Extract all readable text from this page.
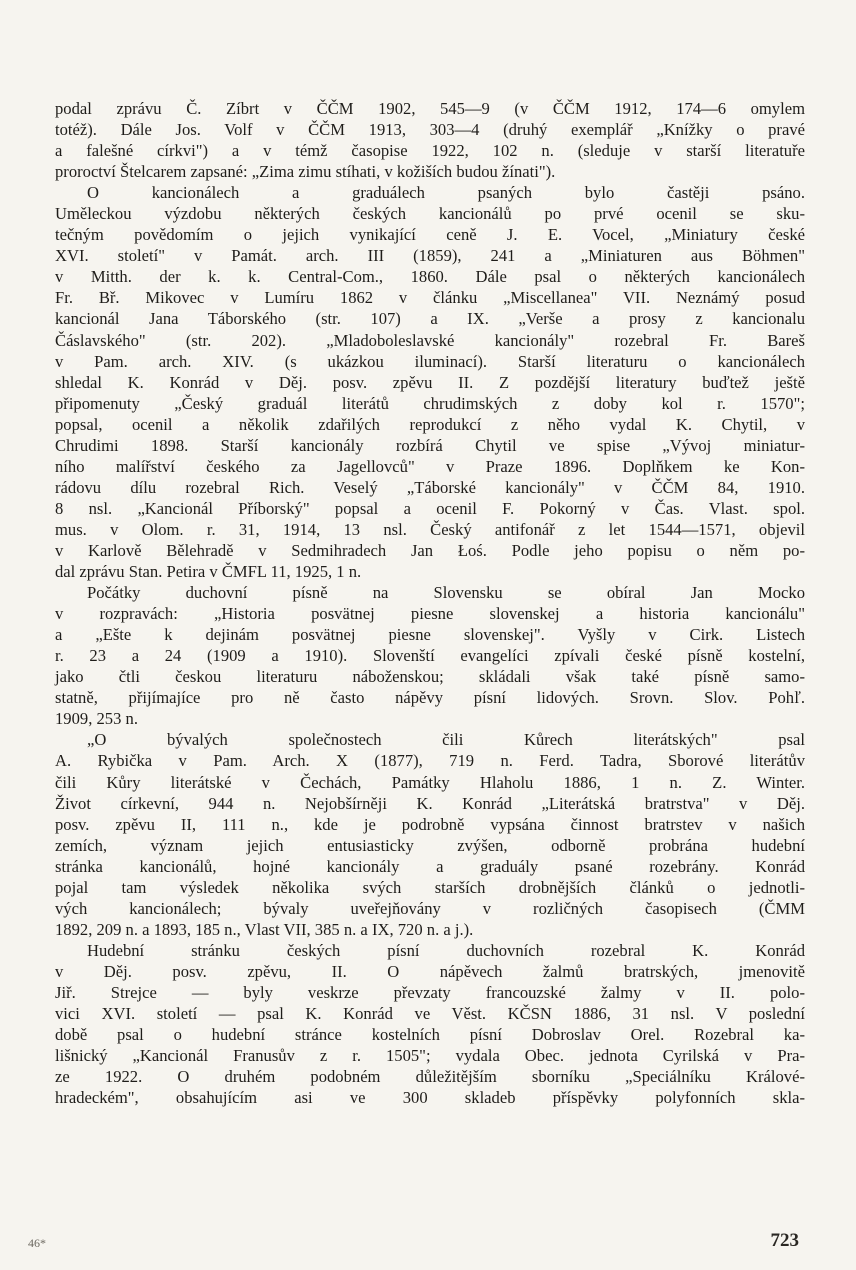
podal zprávu Č. Zíbrt v ČČM 1902, 545—9 (v ČČM 1912, 174—6 omylem
totéž). Dále Jos. Volf v ČČM 1913, 303—4 (druhý exemplář „Knížky o pravé
a falešné církvi") a v témž časopise 1922, 102 n. (sleduje v starší literatuře
proroctví Štelcarem zapsané: „Zima zimu stíhati, v kožiších budou žínati").
O kancionálech a graduálech psaných bylo častěji psáno.
Uměleckou výzdobu některých českých kancionálů po prvé ocenil se sku-
tečným povědomím o jejich vynikající ceně J. E. Vocel, „Miniatury české
XVI. století" v Památ. arch. III (1859), 241 a „Miniaturen aus Böhmen"
v Mitth. der k. k. Central-Com., 1860. Dále psal o některých kancionálech
Fr. Bř. Mikovec v Lumíru 1862 v článku „Miscellanea" VII. Neznámý posud
kancionál Jana Táborského (str. 107) a IX. „Verše a prosy z kancionalu
Čáslavského" (str. 202). „Mladoboleslavské kancionály" rozebral Fr. Bareš
v Pam. arch. XIV. (s ukázkou iluminací). Starší literaturu o kancionálech
shledal K. Konrád v Děj. posv. zpěvu II. Z pozdější literatury buďtež ještě
připomenuty „Český graduál literátů chrudimských z doby kol r. 1570";
popsal, ocenil a několik zdařilých reprodukcí z něho vydal K. Chytil, v
Chrudimi 1898. Starší kancionály rozbírá Chytil ve spise „Vývoj miniatur-
ního malířství českého za Jagellovců" v Praze 1896. Doplňkem ke Kon-
rádovu dílu rozebral Rich. Veselý „Táborské kancionály" v ČČM 84, 1910.
8 nsl. „Kancionál Příborský" popsal a ocenil F. Pokorný v Čas. Vlast. spol.
mus. v Olom. r. 31, 1914, 13 nsl. Český antifonář z let 1544—1571, objevil
v Karlově Bělehradě v Sedmihradech Jan Łoś. Podle jeho popisu o něm po-
dal zprávu Stan. Petira v ČMFL 11, 1925, 1 n.
Počátky duchovní písně na Slovensku se obíral Jan Mocko
v rozpravách: „Historia posvätnej piesne slovenskej a historia kancionálu"
a „Ešte k dejinám posvätnej piesne slovenskej". Vyšly v Cirk. Listech
r. 23 a 24 (1909 a 1910). Slovenští evangelíci zpívali české písně kostelní,
jako čtli českou literaturu náboženskou; skládali však také písně samo-
statně, přijímajíce pro ně často nápěvy písní lidových. Srovn. Slov. Pohľ.
1909, 253 n.
„O bývalých společnostech čili Kůrech literátských" psal
A. Rybička v Pam. Arch. X (1877), 719 n. Ferd. Tadra, Sborové literátův
čili Kůry literátské v Čechách, Památky Hlaholu 1886, 1 n. Z. Winter.
Život církevní, 944 n. Nejobšírněji K. Konrád „Literátská bratrstva" v Děj.
posv. zpěvu II, 111 n., kde je podrobně vypsána činnost bratrstev v našich
zemích, význam jejich entusiasticky zvýšen, odborně probrána hudební
stránka kancionálů, hojné kancionály a graduály psané rozebrány. Konrád
pojal tam výsledek několika svých starších drobnějších článků o jednotli-
vých kancionálech; bývaly uveřejňovány v rozličných časopisech (ČMM
1892, 209 n. a 1893, 185 n., Vlast VII, 385 n. a IX, 720 n. a j.).
Hudební stránku českých písní duchovních rozebral K. Konrád
v Děj. posv. zpěvu, II. O nápěvech žalmů bratrských, jmenovitě
Jiř. Strejce — byly veskrze převzaty francouzské žalmy v II. polo-
vici XVI. století — psal K. Konrád ve Věst. KČSN 1886, 31 nsl. V poslední
době psal o hudební stránce kostelních písní Dobroslav Orel. Rozebral ka-
lišnický „Kancionál Franusův z r. 1505"; vydala Obec. jednota Cyrilská v Pra-
ze 1922. O druhém podobném důležitějším sborníku „Speciálníku Králové-
hradeckém", obsahujícím asi ve 300 skladeb příspěvky polyfonních skla-
46*	723
